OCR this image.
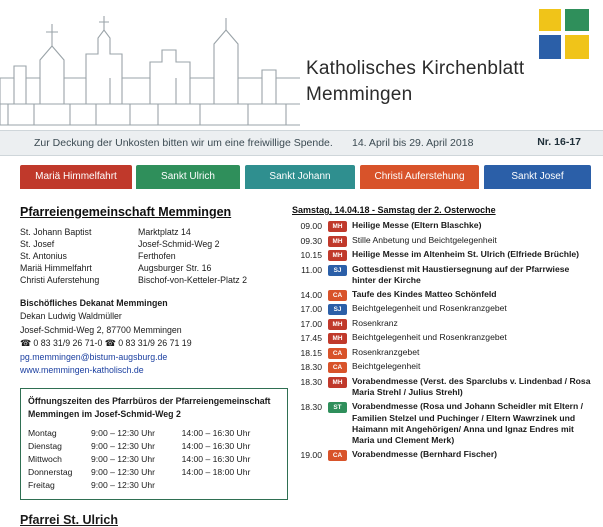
Katholisches Kirchenblatt
Memmingen
Zur Deckung der Unkosten bitten wir um eine freiwillige Spende. 14. April bis 29. April 2018	Nr. 16-17
Mariä Himmelfahrt	Sankt Ulrich	Sankt Johann	Christi Auferstehung	Sankt Josef
Pfarreiengemeinschaft Memmingen
St. Johann Baptist	Marktplatz 14
St. Josef	Josef-Schmid-Weg 2
St. Antonius	Ferthofen
Mariä Himmelfahrt	Augsburger Str. 16
Christi Auferstehung	Bischof-von-Ketteler-Platz 2
Bischöfliches Dekanat Memmingen
Dekan Ludwig Waldmüller
Josef-Schmid-Weg 2, 87700 Memmingen
☎ 0 83 31/9 26 71-0 ☎ 0 83 31/9 26 71 19
pg.memmingen@bistum-augsburg.de
www.memmingen-katholisch.de
Öffnungszeiten des Pfarrbüros der Pfarreiengemeinschaft
Memmingen im Josef-Schmid-Weg 2
Montag	9:00 – 12:30 Uhr	14:00 – 16:30 Uhr
Dienstag	9:00 – 12:30 Uhr	14:00 – 16:30 Uhr
Mittwoch	9:00 – 12:30 Uhr	14:00 – 16:30 Uhr
Donnerstag	9:00 – 12:30 Uhr	14:00 – 18:00 Uhr
Freitag	9:00 – 12:30 Uhr
Pfarrei St. Ulrich
Samstag, 14.04.18 - Samstag der 2. Osterwoche
09.00	MH	Heilige Messe (Eltern Blaschke)
09.30	MH	Stille Anbetung und Beichtgelegenheit
10.15	MH	Heilige Messe im Altenheim St. Ulrich (Elfriede Brüchle)
11.00	SJ	Gottesdienst mit Haustiersegnung auf der Pfarrwiese hinter der Kirche
14.00	CA	Taufe des Kindes Matteo Schönfeld
17.00	SJ	Beichtgelegenheit und Rosenkranzgebet
17.00	MH	Rosenkranz
17.45	MH	Beichtgelegenheit und Rosenkranzgebet
18.15	CA	Rosenkranzgebet
18.30	CA	Beichtgelegenheit
18.30	MH	Vorabendmesse (Verst. des Sparclubs v. Lindenbad / Rosa Maria Strehl / Julius Strehl)
18.30	ST	Vorabendmesse (Rosa und Johann Scheidler mit Eltern / Familien Stelzel und Puchinger / Eltern Wawrzinek und Haimann mit Angehörigen/ Anna und Ignaz Endres mit Maria und Clement Merk)
19.00	CA	Vorabendmesse (Bernhard Fischer)
